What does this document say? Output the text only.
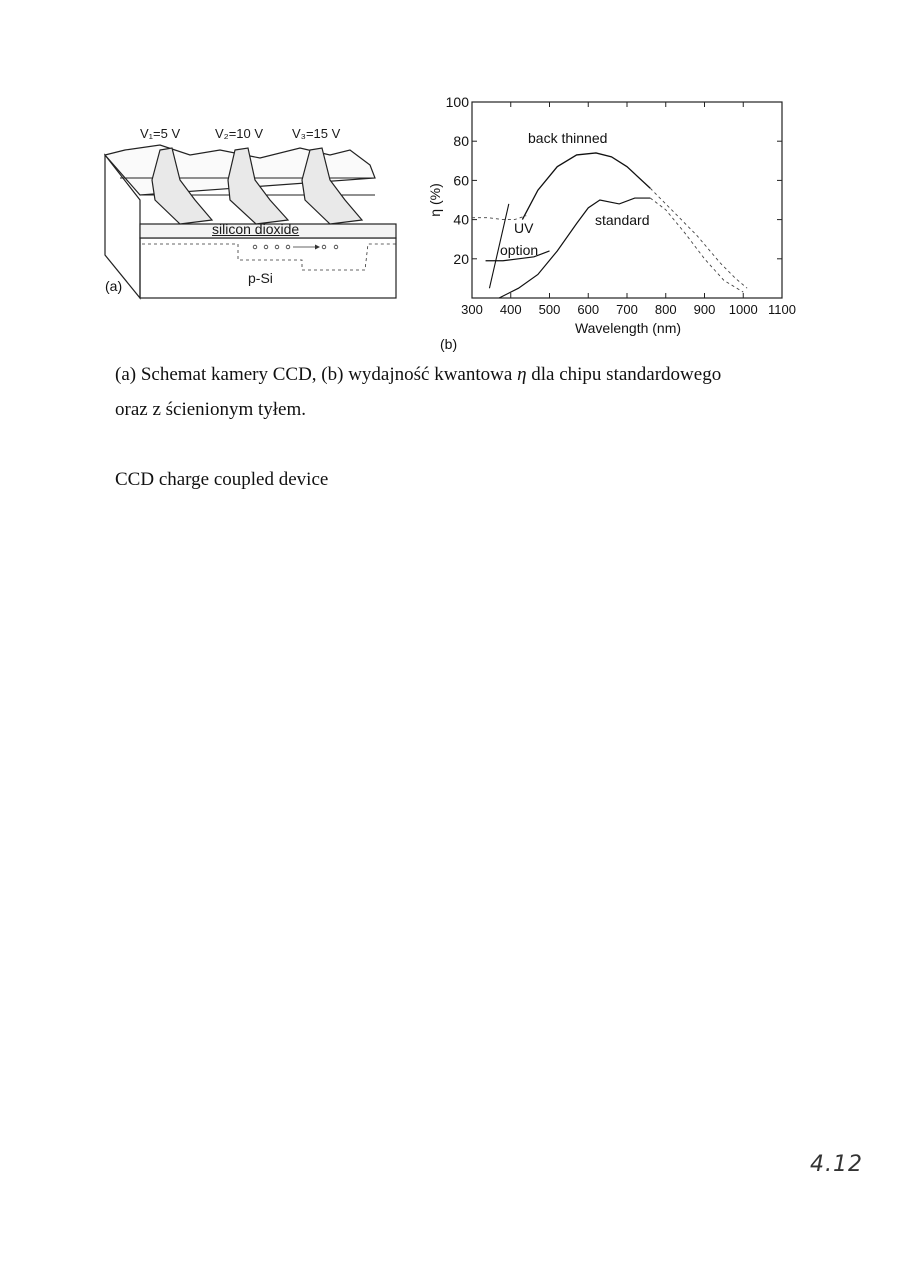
V₁=5 V	V₂=10 V V₃=15 V
silicon dioxide
p-Si
(a)
20
40
60
80
100
300 400 500 600 700 800 900 1000 1100
η (%)
Wavelength (nm)
back thinned
standard
UV
option
(b)
(a) Schemat kamery CCD, (b) wydajność kwantowa η dla chipu standardowego
oraz z ścienionym tyłem.
CCD charge coupled device
4.12
